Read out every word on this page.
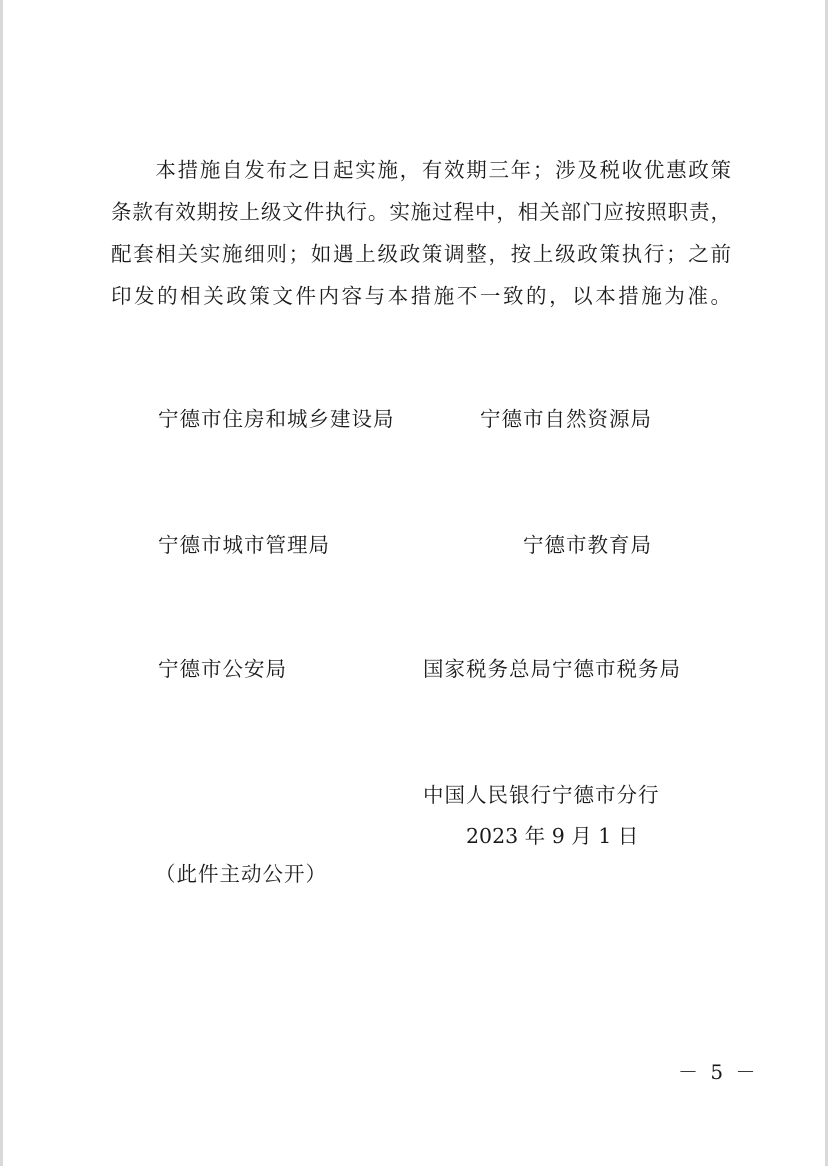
　　本措施自发布之日起实施，有效期三年；涉及税收优惠政策

条款有效期按上级文件执行。实施过程中，相关部门应按照职责，

配套相关实施细则；如遇上级政策调整，按上级政策执行；之前

印发的相关政策文件内容与本措施不一致的，以本措施为准。

宁德市住房和城乡建设局	宁德市自然资源局

宁德市城市管理局	宁德市教育局

宁德市公安局	国家税务总局宁德市税务局

中国人民银行宁德市分行

2023 年 9 月 1 日

（此件主动公开）

－ 5 －
